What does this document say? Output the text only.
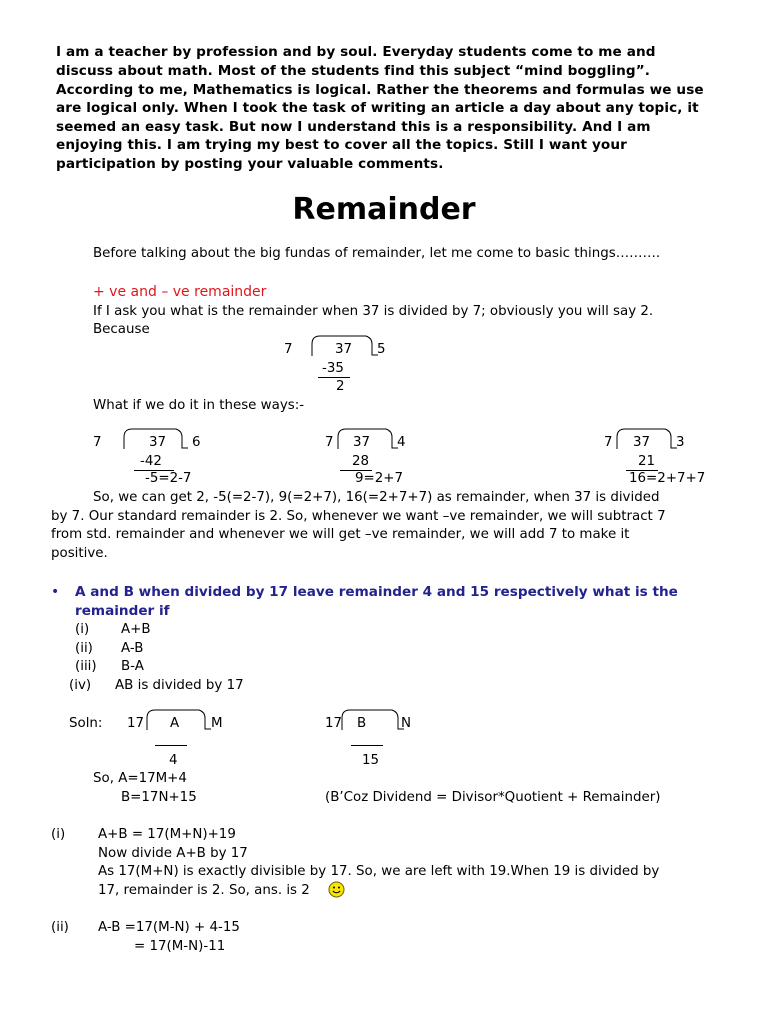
I am a teacher by profession and by soul. Everyday students come to me and
discuss about math. Most of the students find this subject “mind boggling”.
According to me, Mathematics is logical. Rather the theorems and formulas we use
are logical only. When I took the task of writing an article a day about any topic, it
seemed an easy task. But now I understand this is a responsibility. And I am
enjoying this. I am trying my best to cover all the topics. Still I want your
participation by posting your valuable comments.
Remainder
Before talking about the big fundas of remainder, let me come to basic things……….
+ ve and – ve remainder
If I ask you what is the remainder when 37 is divided by 7; obviously you will say 2.
Because
7	37 5
-35
2
What if we do it in these ways:-
7	37 6
-42
-5=2-7
7 37 4
28
9=2+7
7 37 3
21
16=2+7+7
So, we can get 2, -5(=2-7), 9(=2+7), 16(=2+7+7) as remainder, when 37 is divided
by 7. Our standard remainder is 2. So, whenever we want –ve remainder, we will subtract 7
from std. remainder and whenever we will get –ve remainder, we will add 7 to make it
positive.
• A and B when divided by 17 leave remainder 4 and 15 respectively what is the
remainder if
(i) A+B
(ii) A-B
(iii) B-A
(iv) AB is divided by 17
Soln: 17 A M
4
17 B	N
15
So, A=17M+4
B=17N+15	(B’Coz Dividend = Divisor*Quotient + Remainder)
(i) A+B = 17(M+N)+19
Now divide A+B by 17
As 17(M+N) is exactly divisible by 17. So, we are left with 19.When 19 is divided by
17, remainder is 2. So, ans. is 2
(ii) A-B =17(M-N) + 4-15
= 17(M-N)-11
